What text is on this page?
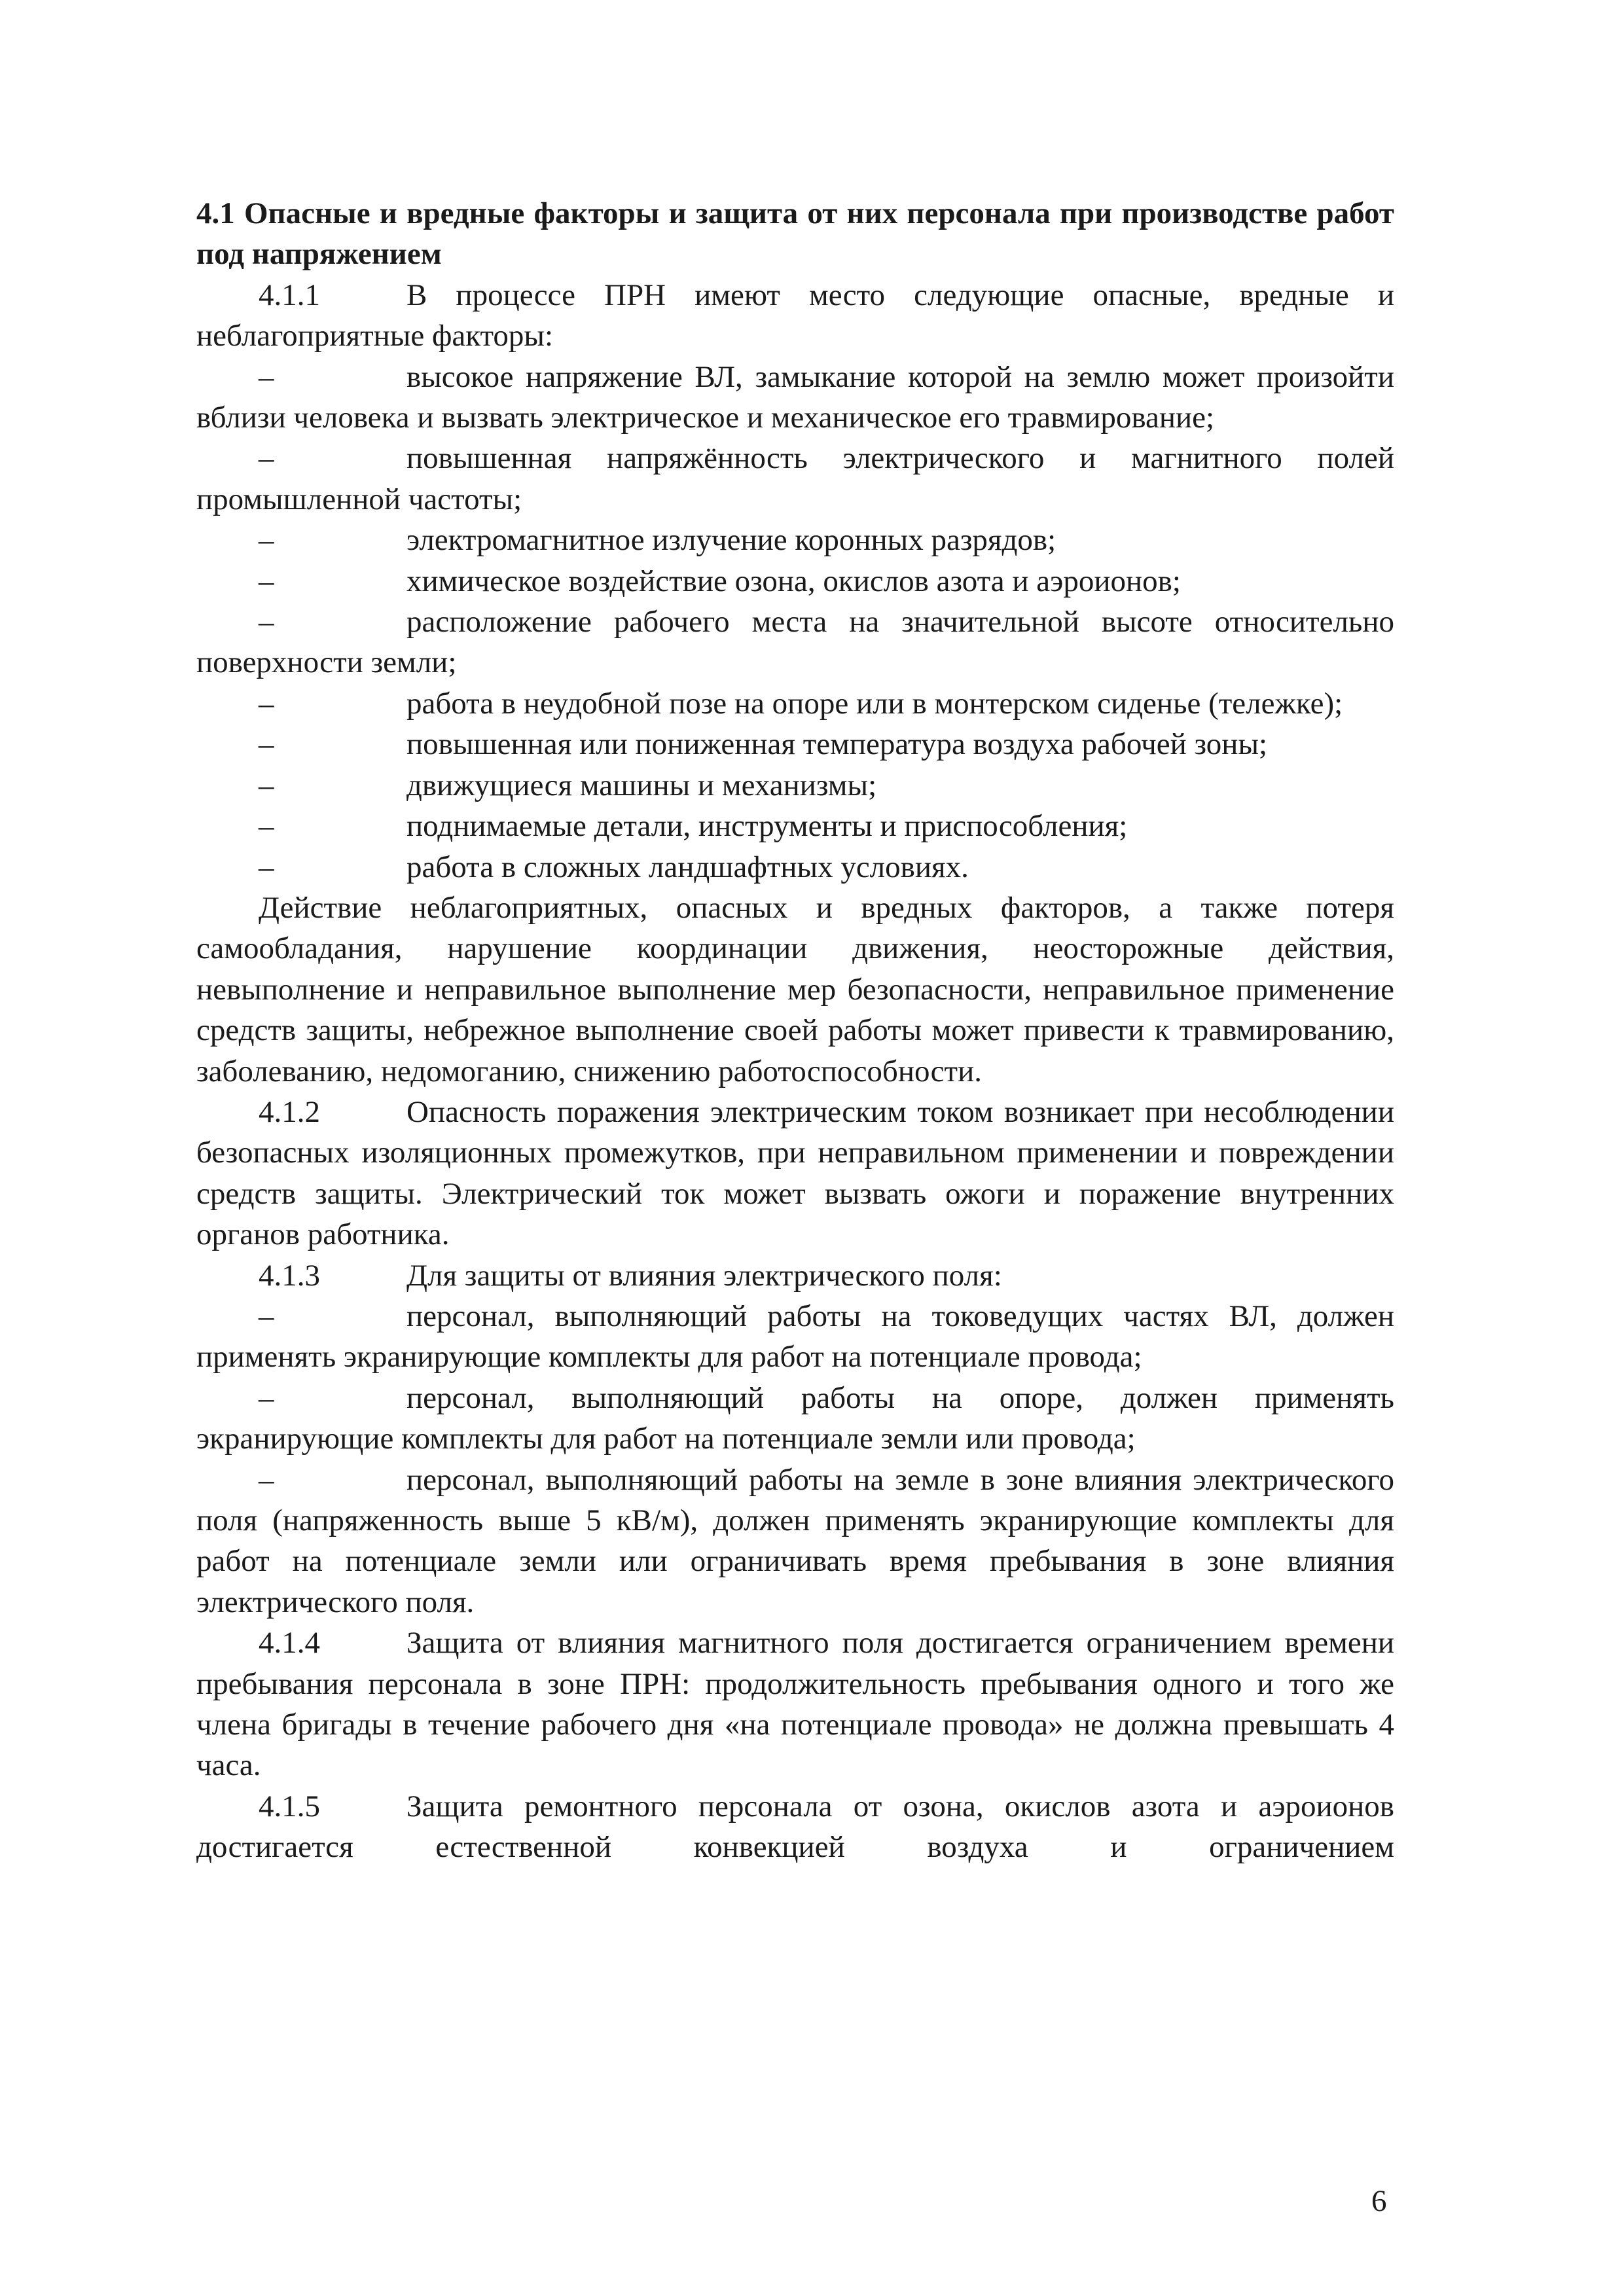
4.1 Опасные и вредные факторы и защита от них персонала при производстве работ под напряжением
4.1.1	В процессе ПРН имеют место следующие опасные, вредные и неблагоприятные факторы:
–	высокое напряжение ВЛ, замыкание которой на землю может произойти вблизи человека и вызвать электрическое и механическое его травмирование;
–	повышенная напряжённость электрического и магнитного полей промышленной частоты;
–	электромагнитное излучение коронных разрядов;
–	химическое воздействие озона, окислов азота и аэроионов;
–	расположение рабочего места на значительной высоте относительно поверхности земли;
–	работа в неудобной позе на опоре или в монтерском сиденье (тележке);
–	повышенная или пониженная температура воздуха рабочей зоны;
–	движущиеся машины и механизмы;
–	поднимаемые детали, инструменты и приспособления;
–	работа в сложных ландшафтных условиях.
Действие неблагоприятных, опасных и вредных факторов, а также потеря самообладания, нарушение координации движения, неосторожные действия, невыполнение и неправильное выполнение мер безопасности, неправильное применение средств защиты, небрежное выполнение своей работы может привести к травмированию, заболеванию, недомоганию, снижению работоспособности.
4.1.2	Опасность поражения электрическим током возникает при несоблюдении безопасных изоляционных промежутков, при неправильном применении и повреждении средств защиты. Электрический ток может вызвать ожоги и поражение внутренних органов работника.
4.1.3	Для защиты от влияния электрического поля:
–	персонал, выполняющий работы на токоведущих частях ВЛ, должен применять экранирующие комплекты для работ на потенциале провода;
–	персонал, выполняющий работы на опоре, должен применять экранирующие комплекты для работ на потенциале земли или провода;
–	персонал, выполняющий работы на земле в зоне влияния электрического поля (напряженность выше 5 кВ/м), должен применять экранирующие комплекты для работ на потенциале земли или ограничивать время пребывания в зоне влияния электрического поля.
4.1.4	Защита от влияния магнитного поля достигается ограничением времени пребывания персонала в зоне ПРН: продолжительность пребывания одного и того же члена бригады в течение рабочего дня «на потенциале провода» не должна превышать 4 часа.
4.1.5	Защита ремонтного персонала от озона, окислов азота и аэроионов достигается естественной конвекцией воздуха и ограничением
6
